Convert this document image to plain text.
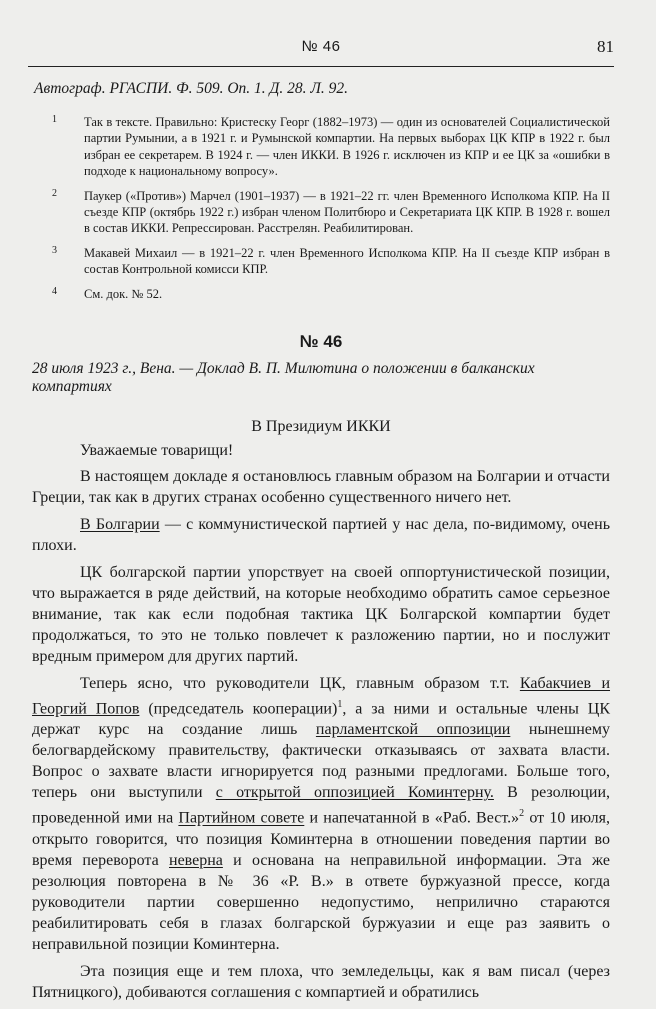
№ 46	81

Автограф. РГАСПИ. Ф. 509. Оп. 1. Д. 28. Л. 92.

1 Так в тексте. Правильно: Кристеску Георг (1882–1973) — один из основателей Социалистической партии Румынии, а в 1921 г. и Румынской компартии. На первых выборах ЦК КПР в 1922 г. был избран ее секретарем. В 1924 г. — член ИККИ. В 1926 г. исключен из КПР и ее ЦК за «ошибки в подходе к национальному вопросу».
2 Паукер («Против») Марчел (1901–1937) — в 1921–22 гг. член Временного Исполкома КПР. На II съезде КПР (октябрь 1922 г.) избран членом Политбюро и Секретариата ЦК КПР. В 1928 г. вошел в состав ИККИ. Репрессирован. Расстрелян. Реабилитирован.
3 Макавей Михаил — в 1921–22 г. член Временного Исполкома КПР. На II съезде КПР избран в состав Контрольной комисси КПР.
4 См. док. № 52.
№ 46

28 июля 1923 г., Вена. — Доклад В. П. Милютина о положении в балканских компартиях

В Президиум ИККИ

Уважаемые товарищи!

В настоящем докладе я остановлюсь главным образом на Болгарии и отчасти Греции, так как в других странах особенно существенного ничего нет.

В Болгарии — с коммунистической партией у нас дела, по-видимому, очень плохи.

ЦК болгарской партии упорствует на своей оппортунистической позиции, что выражается в ряде действий, на которые необходимо обратить самое серьезное внимание, так как если подобная тактика ЦК Болгарской компартии будет продолжаться, то это не только повлечет к разложению партии, но и послужит вредным примером для других партий.

Теперь ясно, что руководители ЦК, главным образом т.т. Кабакчиев и Георгий Попов (председатель кооперации)$^1$, а за ними и остальные члены ЦК держат курс на создание лишь парламентской оппозиции нынешнему белогвардейскому правительству, фактически отказываясь от захвата власти. Вопрос о захвате власти игнорируется под разными предлогами. Больше того, теперь они выступили с открытой оппозицией Коминтерну. В резолюции, проведенной ими на Партийном совете и напечатанной в «Раб. Вест.»$^2$ от 10 июля, открыто говорится, что позиция Коминтерна в отношении поведения партии во время переворота неверна и основана на неправильной информации. Эта же резолюция повторена в № 36 «Р. В.» в ответе буржуазной прессе, когда руководители партии совершенно недопустимо, неприлично стараются реабилитировать себя в глазах болгарской буржуазии и еще раз заявить о неправильной позиции Коминтерна.

Эта позиция еще и тем плоха, что земледельцы, как я вам писал (через Пятницкого), добиваются соглашения с компартией и обратились
